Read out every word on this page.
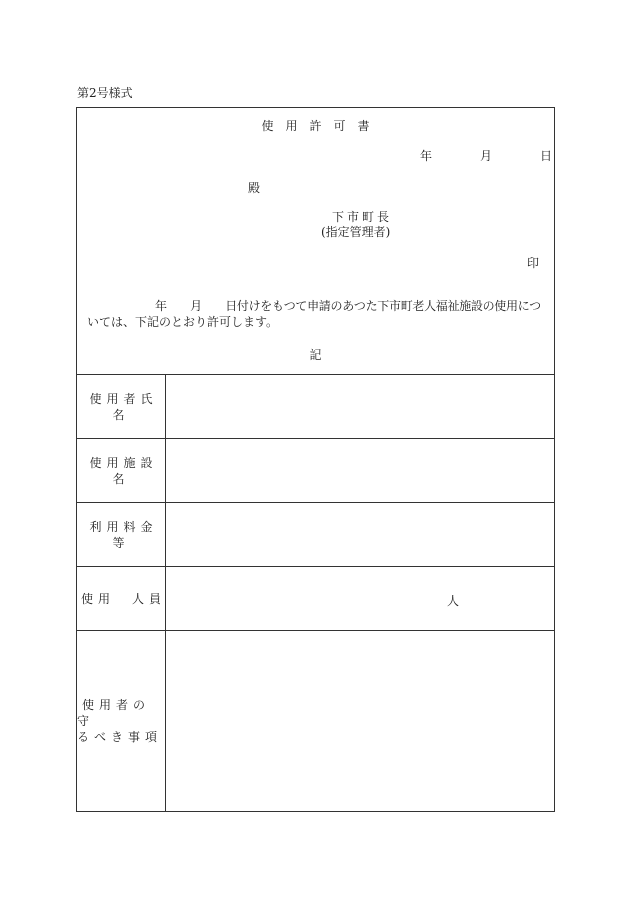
第2号様式
使用許可書
年	月	日
殿
下市町長
(指定管理者)
印
年　　月　　日付けをもつて申請のあつた下市町老人福祉施設の使用につ
いては、下記のとおり許可します。
記
使用者氏名
使用施設名
利用料金等
使用　人員	人
使用者の守
るべき事項
